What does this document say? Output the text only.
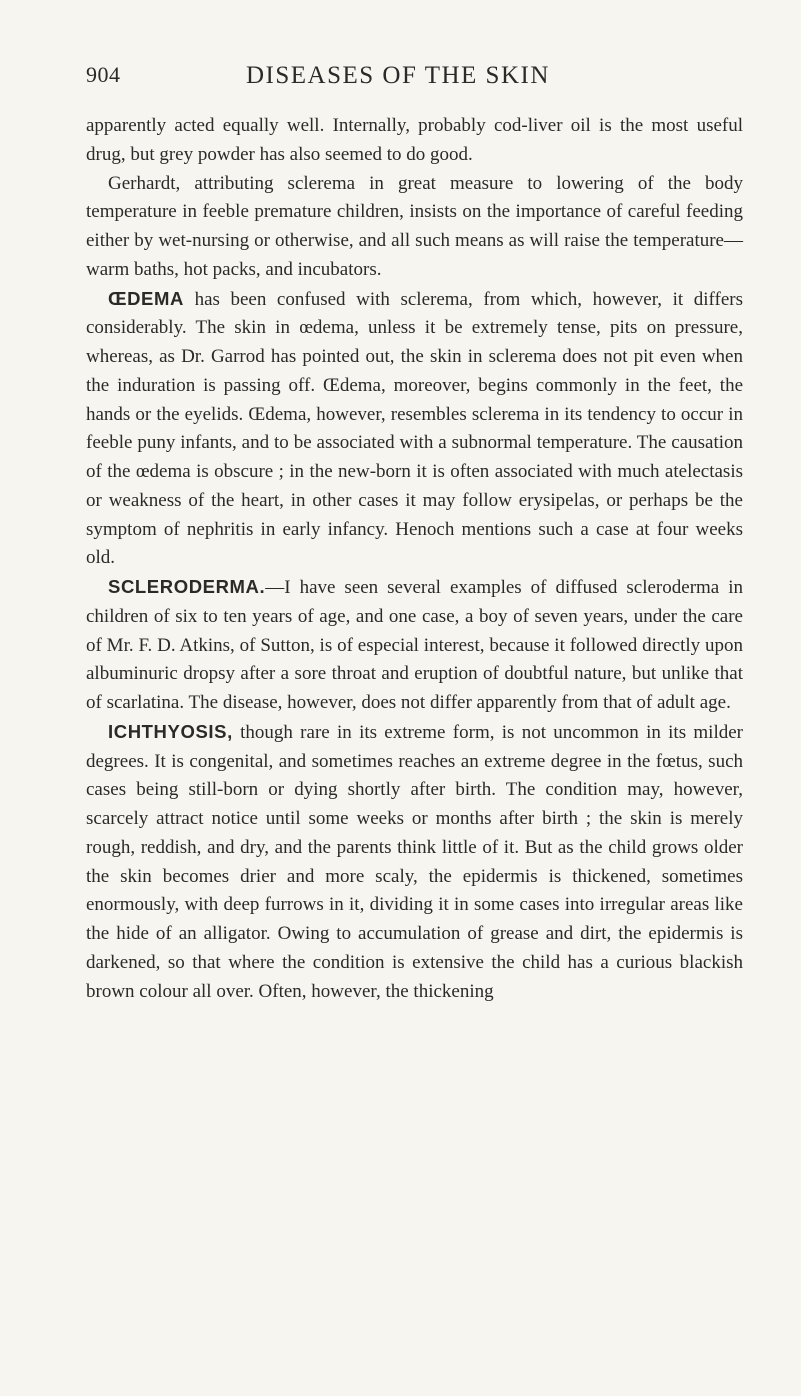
904	DISEASES OF THE SKIN

apparently acted equally well. Internally, probably cod-liver oil is the most useful drug, but grey powder has also seemed to do good.

Gerhardt, attributing sclerema in great measure to lowering of the body temperature in feeble premature children, insists on the importance of careful feeding either by wet-nursing or otherwise, and all such means as will raise the temperature—warm baths, hot packs, and incubators.

ŒDEMA has been confused with sclerema, from which, however, it differs considerably. The skin in œdema, unless it be extremely tense, pits on pressure, whereas, as Dr. Garrod has pointed out, the skin in sclerema does not pit even when the induration is passing off. Œdema, moreover, begins commonly in the feet, the hands or the eyelids. Œdema, however, resembles sclerema in its tendency to occur in feeble puny infants, and to be associated with a subnormal temperature. The causation of the œdema is obscure ; in the new-born it is often associated with much atelectasis or weakness of the heart, in other cases it may follow erysipelas, or perhaps be the symptom of nephritis in early infancy. Henoch mentions such a case at four weeks old.

SCLERODERMA.—I have seen several examples of diffused scleroderma in children of six to ten years of age, and one case, a boy of seven years, under the care of Mr. F. D. Atkins, of Sutton, is of especial interest, because it followed directly upon albuminuric dropsy after a sore throat and eruption of doubtful nature, but unlike that of scarlatina. The disease, however, does not differ apparently from that of adult age.

ICHTHYOSIS, though rare in its extreme form, is not uncommon in its milder degrees. It is congenital, and sometimes reaches an extreme degree in the fœtus, such cases being still-born or dying shortly after birth. The condition may, however, scarcely attract notice until some weeks or months after birth ; the skin is merely rough, reddish, and dry, and the parents think little of it. But as the child grows older the skin becomes drier and more scaly, the epidermis is thickened, sometimes enormously, with deep furrows in it, dividing it in some cases into irregular areas like the hide of an alligator. Owing to accumulation of grease and dirt, the epidermis is darkened, so that where the condition is extensive the child has a curious blackish brown colour all over. Often, however, the thickening
